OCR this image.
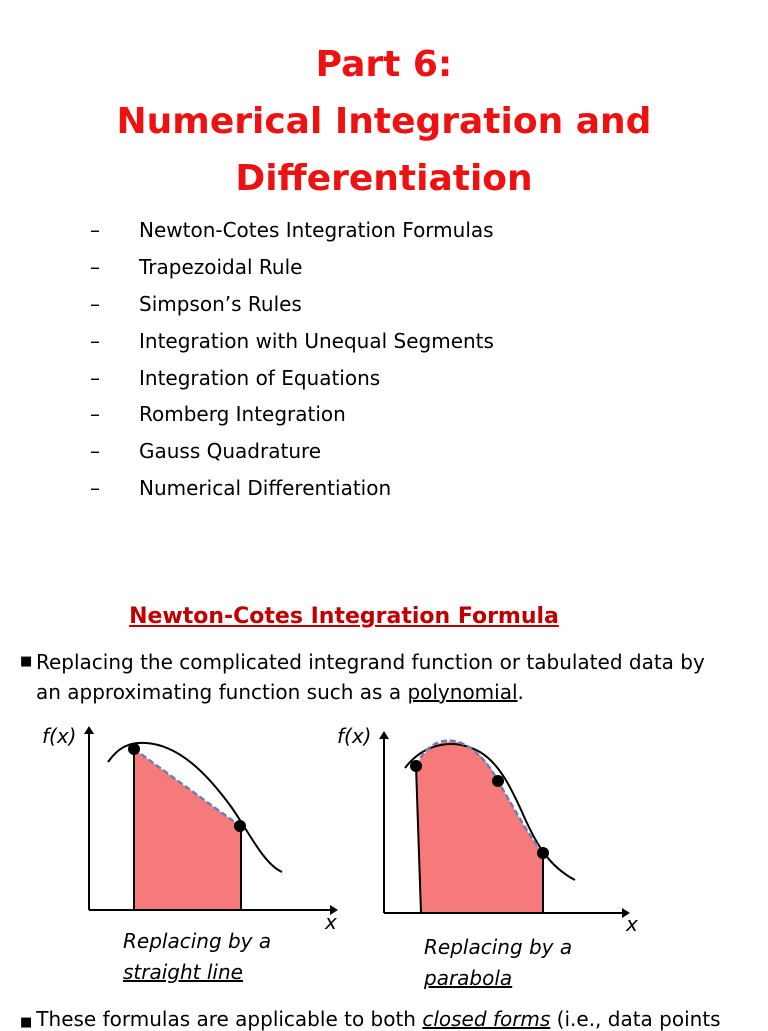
Part 6:
Numerical Integration and
Differentiation
– Newton-Cotes Integration Formulas
– Trapezoidal Rule
– Simpson’s Rules
– Integration with Unequal Segments
– Integration of Equations
– Romberg Integration
– Gauss Quadrature
– Numerical Differentiation
Newton-Cotes Integration Formula
■ Replacing the complicated integrand function or tabulated data by
an approximating function such as a polynomial.
f(x)
x
f(x)
x
Replacing by a
straight line
Replacing by a
parabola
■ These formulas are applicable to both closed forms (i.e., data points
